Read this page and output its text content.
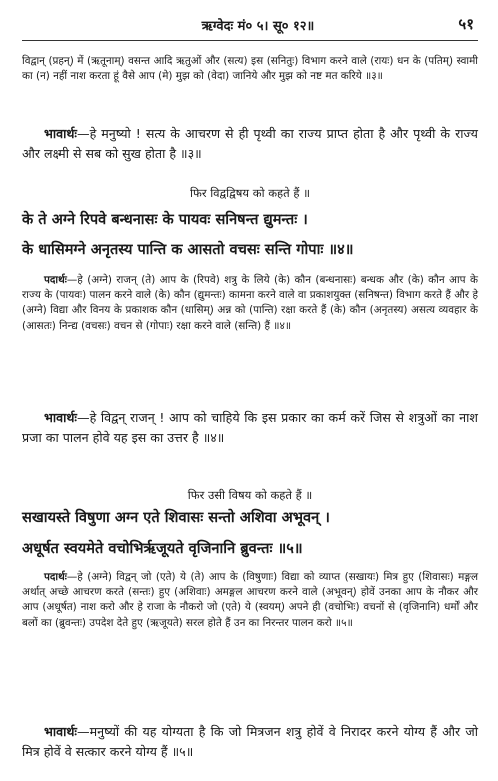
ऋग्वेदः मं० ५। सू० १२॥	५१

विद्वान् (प्रहन्) में (ऋतूनाम्) वसन्त आदि ऋतुओं और (सत्य) इस (सनितुः) विभाग करने वाले (रायः) धन के (पतिम्) स्वामी का (न) नहीं नाश करता हूं वैसे आप (मे) मुझ को (वेदा) जानिये और मुझ को नष्ट मत करिये ॥३॥

भावार्थः—हे मनुष्यो ! सत्य के आचरण से ही पृथ्वी का राज्य प्राप्त होता है और पृथ्वी के राज्य और लक्ष्मी से सब को सुख होता है ॥३॥

फिर विद्वद्विषय को कहते हैं ॥

के ते अग्ने रिपवे बन्धनासः के पायवः सनिषन्त द्युमन्तः ।

के धासिमग्ने अनृतस्य पान्ति क आसतो वचसः सन्ति गोपाः ॥४॥

पदार्थः—हे (अग्ने) राजन् (ते) आप के (रिपवे) शत्रु के लिये (के) कौन (बन्धनासः) बन्धक और (के) कौन आप के राज्य के (पायवः) पालन करने वाले (के) कौन (द्युमन्तः) कामना करने वाले वा प्रकाशयुक्त (सनिषन्त) विभाग करते हैं और हे (अग्ने) विद्या और विनय के प्रकाशक कौन (धासिम्) अन्न को (पान्ति) रक्षा करते हैं (के) कौन (अनृतस्य) असत्य व्यवहार के (आसतः) निन्द्य (वचसः) वचन से (गोपाः) रक्षा करने वाले (सन्ति) हैं ॥४॥

भावार्थः—हे विद्वन् राजन् ! आप को चाहिये कि इस प्रकार का कर्म करें जिस से शत्रुओं का नाश प्रजा का पालन होवे यह इस का उत्तर है ॥४॥

फिर उसी विषय को कहते हैं ॥

सखायस्ते विषुणा अग्न एते शिवासः सन्तो अशिवा अभूवन् ।

अधूर्षत स्वयमेते वचोभिर्ऋजूयते वृजिनानि ब्रुवन्तः ॥५॥

पदार्थः—हे (अग्ने) विद्वन् जो (एते) ये (ते) आप के (विषुणाः) विद्या को व्याप्त (सखायः) मित्र हुए (शिवासः) मङ्गल अर्थात् अच्छे आचरण करते (सन्तः) हुए (अशिवाः) अमङ्गल आचरण करने वाले (अभूवन्) होवें उनका आप के नौकर और आप (अधूर्षत) नाश करो और हे राजा के नौकरो जो (एते) ये (स्वयम्) अपने ही (वचोभिः) वचनों से (वृजिनानि) धर्मों और बलों का (ब्रुवन्तः) उपदेश देते हुए (ऋजूयते) सरल होते हैं उन का निरन्तर पालन करो ॥५॥

भावार्थः—मनुष्यों की यह योग्यता है कि जो मित्रजन शत्रु होवें वे निरादर करने योग्य हैं और जो मित्र होवें वे सत्कार करने योग्य हैं ॥५॥
